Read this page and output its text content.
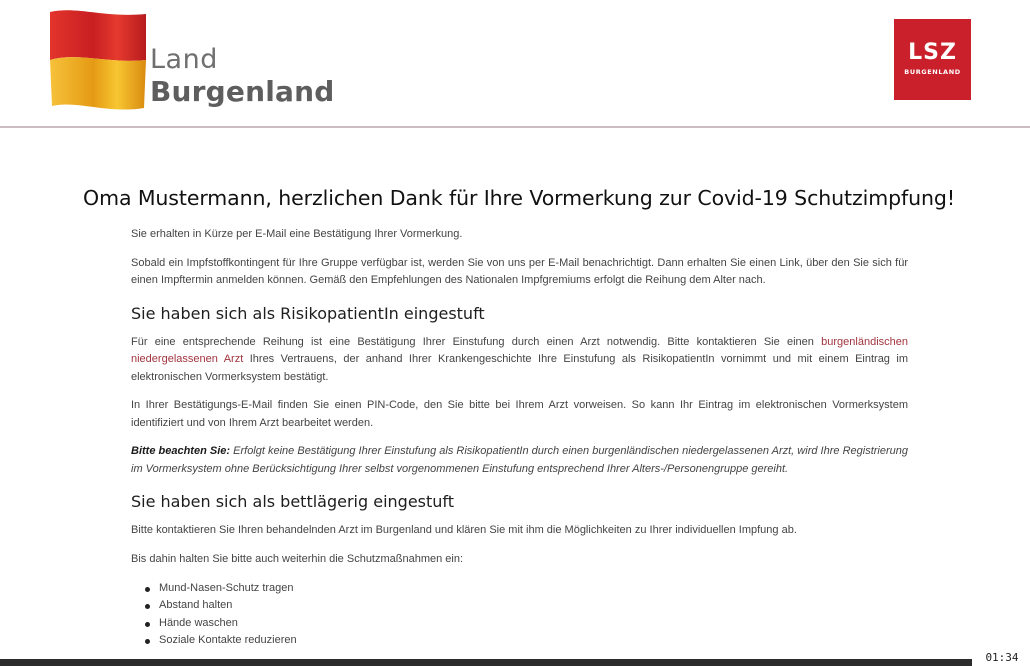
Land
Burgenland
LSZ
BURGENLAND
Oma Mustermann, herzlichen Dank für Ihre Vormerkung zur Covid-19 Schutzimpfung!

Sie erhalten in Kürze per E-Mail eine Bestätigung Ihrer Vormerkung.

Sobald ein Impfstoffkontingent für Ihre Gruppe verfügbar ist, werden Sie von uns per E-Mail benachrichtigt. Dann erhalten Sie einen Link, über den Sie sich für einen Impftermin anmelden können. Gemäß den Empfehlungen des Nationalen Impfgremiums erfolgt die Reihung dem Alter nach.

Sie haben sich als RisikopatientIn eingestuft

Für eine entsprechende Reihung ist eine Bestätigung Ihrer Einstufung durch einen Arzt notwendig. Bitte kontaktieren Sie einen burgenländischen niedergelassenen Arzt Ihres Vertrauens, der anhand Ihrer Krankengeschichte Ihre Einstufung als RisikopatientIn vornimmt und mit einem Eintrag im elektronischen Vormerksystem bestätigt.

In Ihrer Bestätigungs-E-Mail finden Sie einen PIN-Code, den Sie bitte bei Ihrem Arzt vorweisen. So kann Ihr Eintrag im elektronischen Vormerksystem identifiziert und von Ihrem Arzt bearbeitet werden.

Bitte beachten Sie: Erfolgt keine Bestätigung Ihrer Einstufung als RisikopatientIn durch einen burgenländischen niedergelassenen Arzt, wird Ihre Registrierung im Vormerksystem ohne Berücksichtigung Ihrer selbst vorgenommenen Einstufung entsprechend Ihrer Alters-/Personengruppe gereiht.

Sie haben sich als bettlägerig eingestuft

Bitte kontaktieren Sie Ihren behandelnden Arzt im Burgenland und klären Sie mit ihm die Möglichkeiten zu Ihrer individuellen Impfung ab.

Bis dahin halten Sie bitte auch weiterhin die Schutzmaßnahmen ein:

Mund-Nasen-Schutz tragen
Abstand halten
Hände waschen
Soziale Kontakte reduzieren
01:34
